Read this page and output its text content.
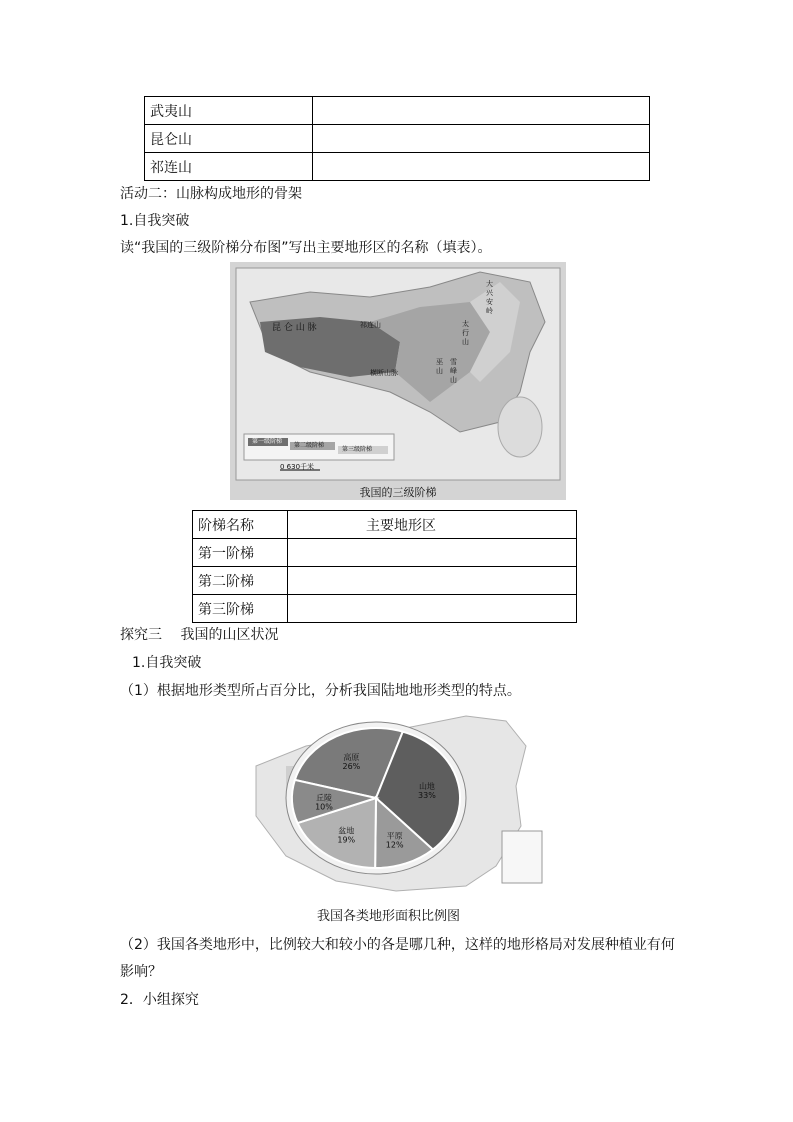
武夷山	
昆仑山	
祁连山	
活动二：山脉构成地形的骨架
1.自我突破
读“我国的三级阶梯分布图”写出主要地形区的名称（填表）。
昆 仑 山 脉	祁连山
横断山脉
大兴安岭
太行山
巫山
雪峰山
第一级阶梯
第二级阶梯
第三级阶梯
0 630千米
我国的三级阶梯
阶梯名称	主要地形区
第一阶梯	
第二阶梯	
第三阶梯	
探究三　 我国的山区状况
1.自我突破
（1）根据地形类型所占百分比，分析我国陆地地形类型的特点。
高原 26%
山地 33%
平原 12%
盆地 19%
丘陵 10%
我国各类地形面积比例图
（2）我国各类地形中，比例较大和较小的各是哪几种，这样的地形格局对发展种植业有何
影响？
2．小组探究
